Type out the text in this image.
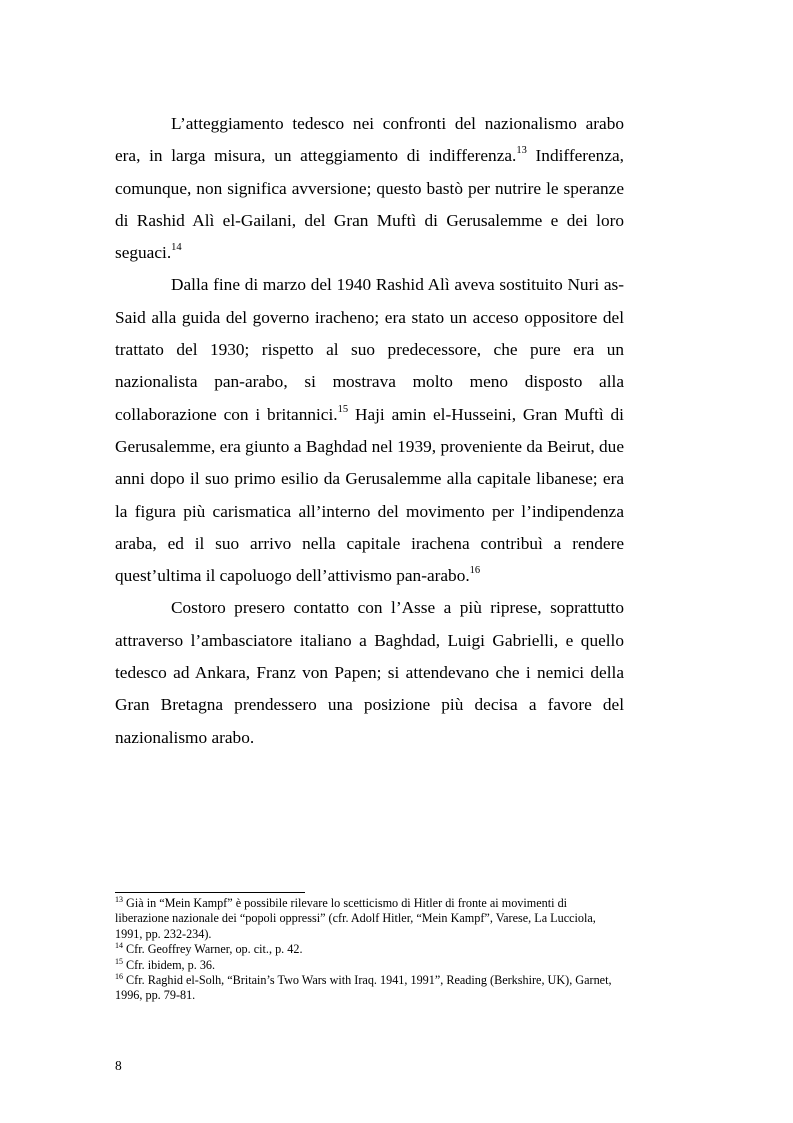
L’atteggiamento tedesco nei confronti del nazionalismo arabo era, in larga misura, un atteggiamento di indifferenza.$^{13}$ Indifferenza, comunque, non significa avversione; questo bastò per nutrire le speranze di Rashid Alì el-Gailani, del Gran Muftì di Gerusalemme e dei loro seguaci.$^{14}$

Dalla fine di marzo del 1940 Rashid Alì aveva sostituito Nuri as-Said alla guida del governo iracheno; era stato un acceso oppositore del trattato del 1930; rispetto al suo predecessore, che pure era un nazionalista pan-arabo, si mostrava molto meno disposto alla collaborazione con i britannici.$^{15}$ Haji amin el-Husseini, Gran Muftì di Gerusalemme, era giunto a Baghdad nel 1939, proveniente da Beirut, due anni dopo il suo primo esilio da Gerusalemme alla capitale libanese; era la figura più carismatica all’interno del movimento per l’indipendenza araba, ed il suo arrivo nella capitale irachena contribuì a rendere quest’ultima il capoluogo dell’attivismo pan-arabo.$^{16}$

Costoro presero contatto con l’Asse a più riprese, soprattutto attraverso l’ambasciatore italiano a Baghdad, Luigi Gabrielli, e quello tedesco ad Ankara, Franz von Papen; si attendevano che i nemici della Gran Bretagna prendessero una posizione più decisa a favore del nazionalismo arabo.

$^{13}$ Già in “Mein Kampf” è possibile rilevare lo scetticismo di Hitler di fronte ai movimenti di liberazione nazionale dei “popoli oppressi” (cfr. Adolf Hitler, “Mein Kampf”, Varese, La Lucciola, 1991, pp. 232-234).

$^{14}$ Cfr. Geoffrey Warner, op. cit., p. 42.

$^{15}$ Cfr. ibidem, p. 36.

$^{16}$ Cfr. Raghid el-Solh, “Britain’s Two Wars with Iraq. 1941, 1991”, Reading (Berkshire, UK), Garnet, 1996, pp. 79-81.

8
